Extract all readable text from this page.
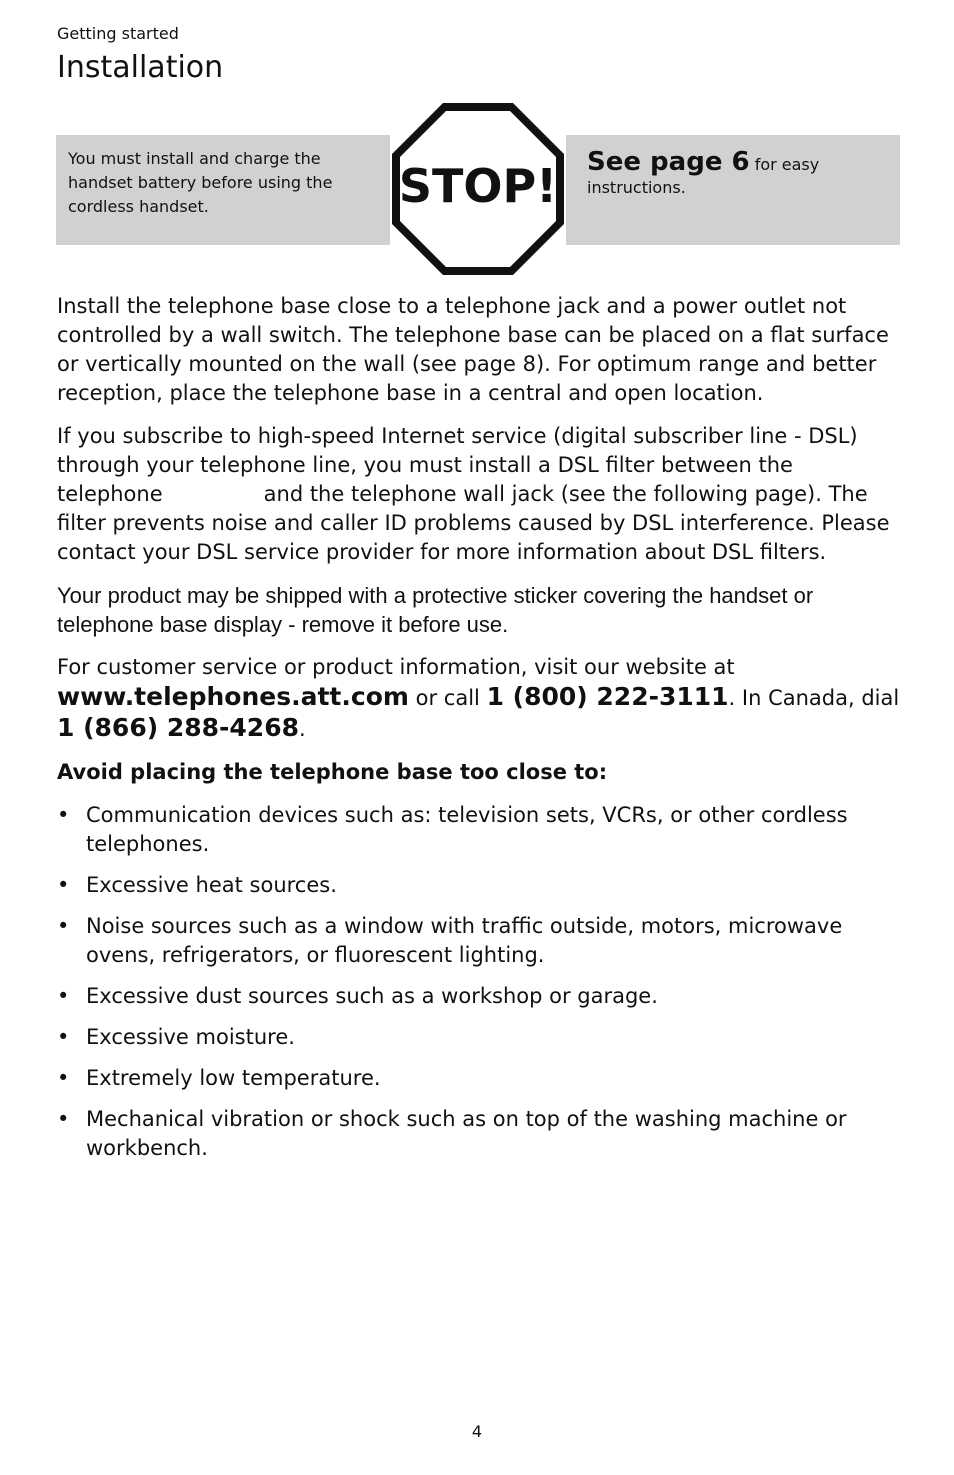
Getting started
Installation
You must install and charge the handset battery before using the cordless handset.
See page 6 for easy instructions.
STOP!

Install the telephone base close to a telephone jack and a power outlet not controlled by a wall switch. The telephone base can be placed on a flat surface or vertically mounted on the wall (see page 8). For optimum range and better reception, place the telephone base in a central and open location.

If you subscribe to high-speed Internet service (digital subscriber line - DSL) through your telephone line, you must install a DSL filter between the telephone	and the telephone wall jack (see the following page). The filter prevents noise and caller ID problems caused by DSL interference. Please contact your DSL service provider for more information about DSL filters.

Your product may be shipped with a protective sticker covering the handset or telephone base display - remove it before use.

For customer service or product information, visit our website at www.telephones.att.com or call 1 (800) 222-3111. In Canada, dial 1 (866) 288-4268.

Avoid placing the telephone base too close to:

• Communication devices such as: television sets, VCRs, or other cordless telephones.
• Excessive heat sources.
• Noise sources such as a window with traffic outside, motors, microwave ovens, refrigerators, or fluorescent lighting.
• Excessive dust sources such as a workshop or garage.
• Excessive moisture.
• Extremely low temperature.
• Mechanical vibration or shock such as on top of the washing machine or workbench.
4
